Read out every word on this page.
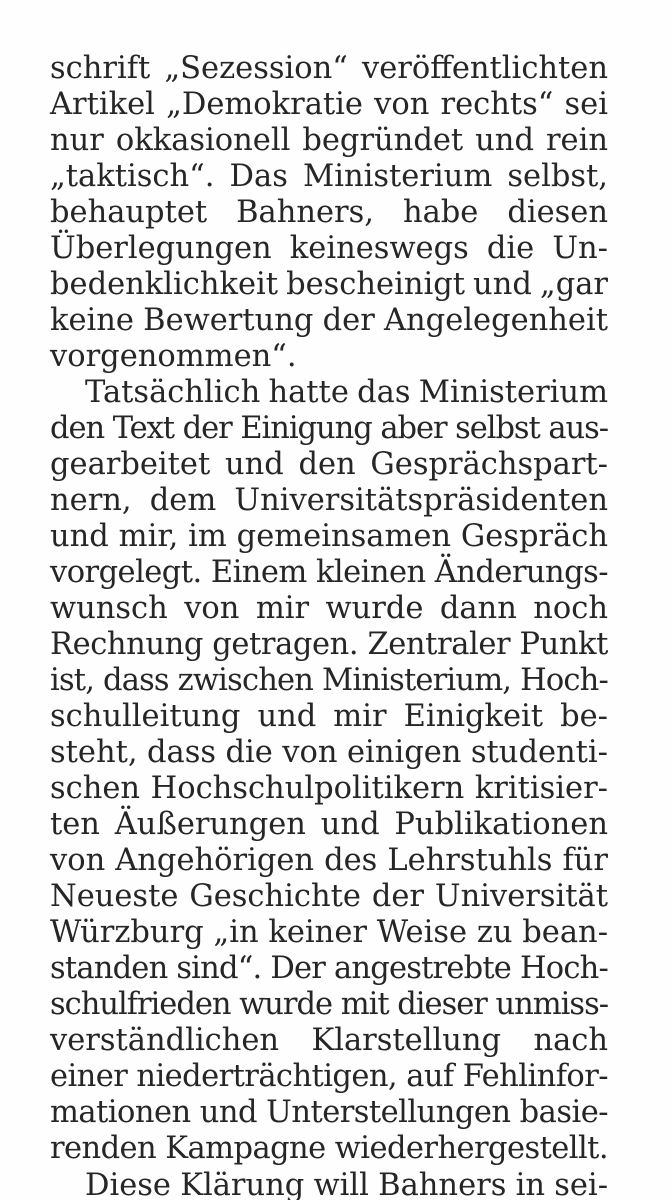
schrift „Sezession“ veröffentlichten
Artikel „Demokratie von rechts“ sei
nur okkasionell begründet und rein
„taktisch“. Das Ministerium selbst,
behauptet Bahners, habe diesen
Überlegungen keineswegs die Un-
bedenklichkeit bescheinigt und „gar
keine Bewertung der Angelegenheit
vorgenommen“.
Tatsächlich hatte das Ministerium
den Text der Einigung aber selbst aus-
gearbeitet und den Gesprächspart-
nern, dem Universitätspräsidenten
und mir, im gemeinsamen Gespräch
vorgelegt. Einem kleinen Änderungs-
wunsch von mir wurde dann noch
Rechnung getragen. Zentraler Punkt
ist, dass zwischen Ministerium, Hoch-
schulleitung und mir Einigkeit be-
steht, dass die von einigen studenti-
schen Hochschulpolitikern kritisier-
ten Äußerungen und Publikationen
von Angehörigen des Lehrstuhls für
Neueste Geschichte der Universität
Würzburg „in keiner Weise zu bean-
standen sind“. Der angestrebte Hoch-
schulfrieden wurde mit dieser unmiss-
verständlichen Klarstellung nach
einer niederträchtigen, auf Fehlinfor-
mationen und Unterstellungen basie-
renden Kampagne wiederhergestellt.
Diese Klärung will Bahners in sei-
